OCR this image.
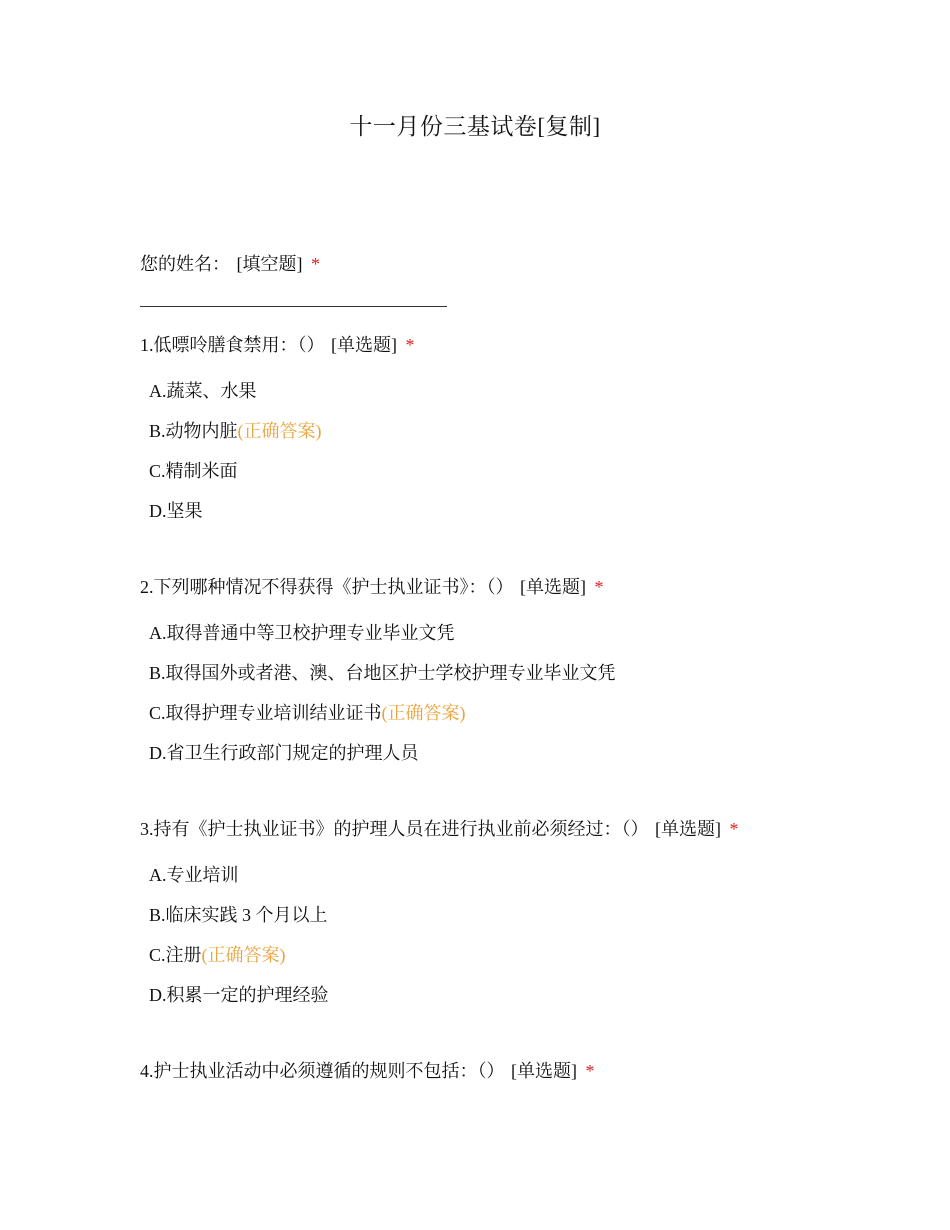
十一月份三基试卷[复制]
您的姓名： [填空题] *
1.低嘌呤膳食禁用：（） [单选题] *
A.蔬菜、水果
B.动物内脏(正确答案)
C.精制米面
D.坚果
2.下列哪种情况不得获得《护士执业证书》：（） [单选题] *
A.取得普通中等卫校护理专业毕业文凭
B.取得国外或者港、澳、台地区护士学校护理专业毕业文凭
C.取得护理专业培训结业证书(正确答案)
D.省卫生行政部门规定的护理人员
3.持有《护士执业证书》的护理人员在进行执业前必须经过：（） [单选题] *
A.专业培训
B.临床实践 3 个月以上
C.注册(正确答案)
D.积累一定的护理经验
4.护士执业活动中必须遵循的规则不包括：（） [单选题] *
